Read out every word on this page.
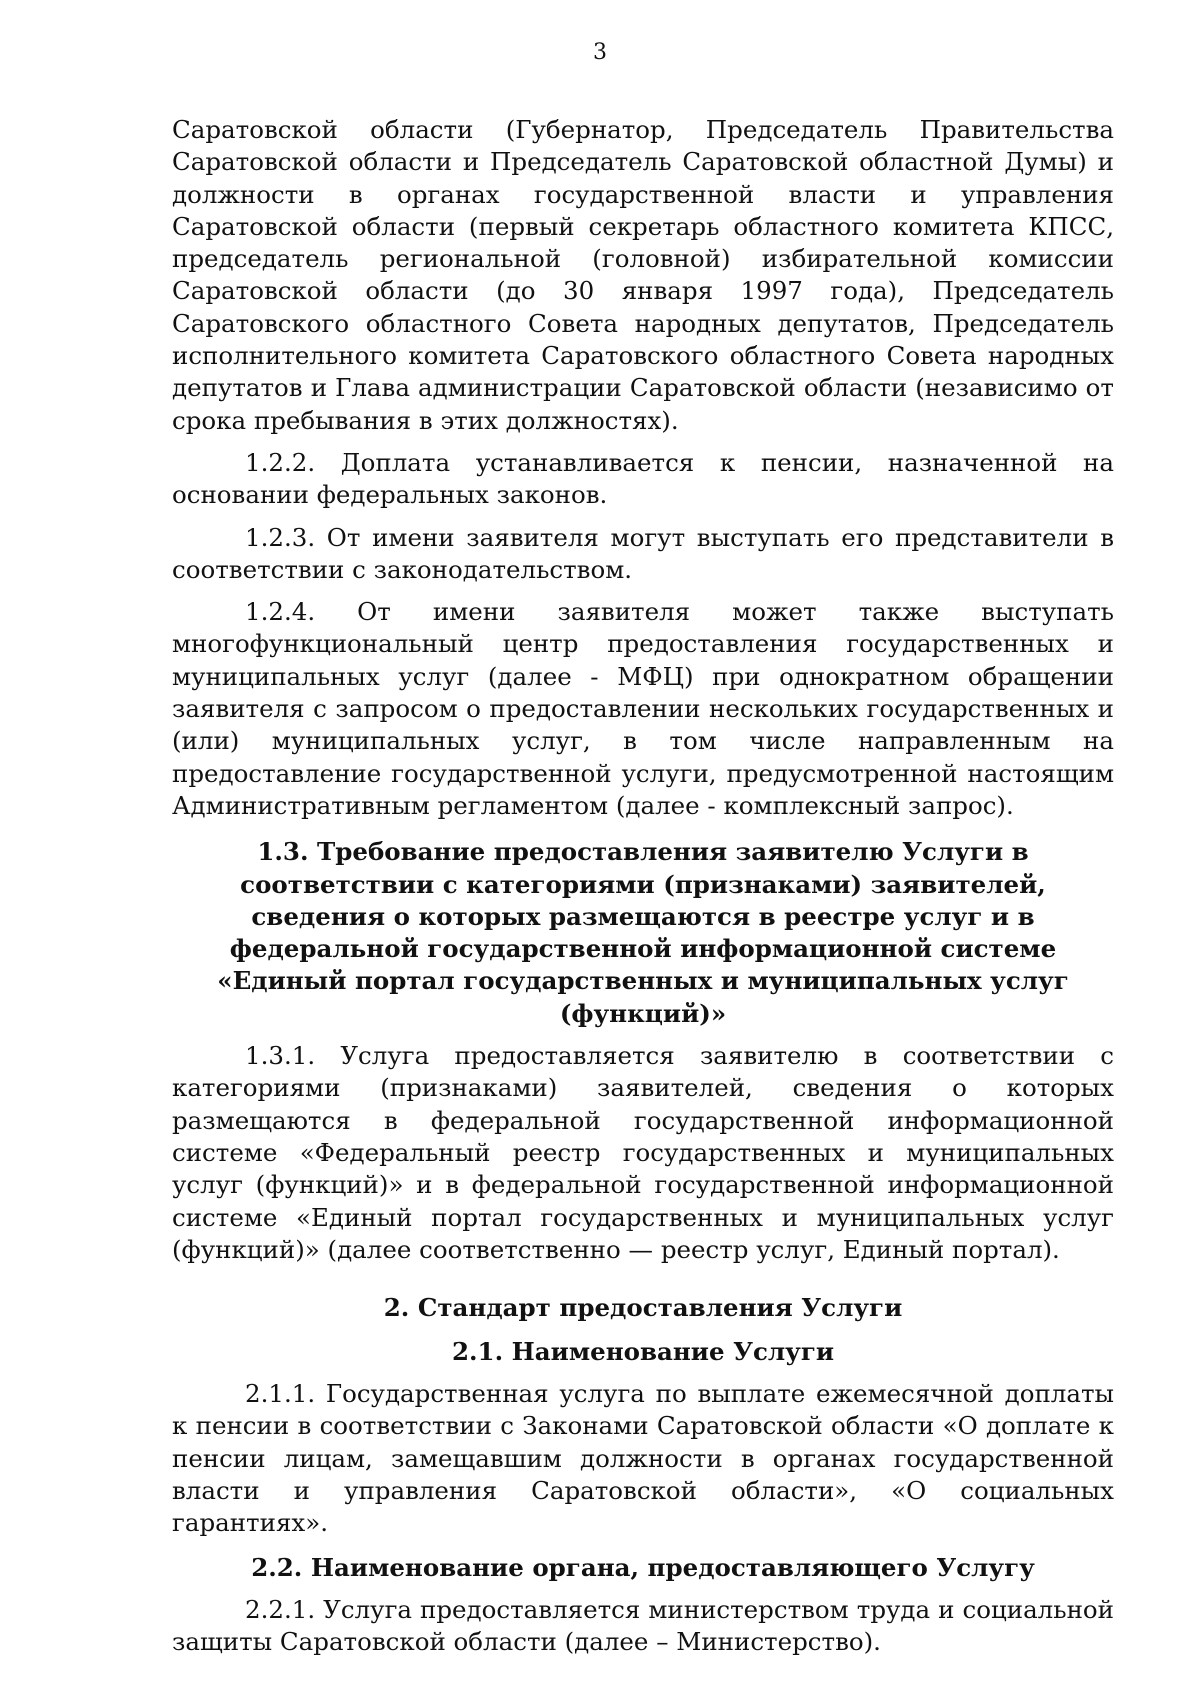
3

Саратовской области (Губернатор, Председатель Правительства Саратовской области и Председатель Саратовской областной Думы) и должности в органах государственной власти и управления Саратовской области (первый секретарь областного комитета КПСС, председатель региональной (головной) избирательной комиссии Саратовской области (до 30 января 1997 года), Председатель Саратовского областного Совета народных депутатов, Председатель исполнительного комитета Саратовского областного Совета народных депутатов и Глава администрации Саратовской области (независимо от срока пребывания в этих должностях).

1.2.2. Доплата устанавливается к пенсии, назначенной на основании федеральных законов.

1.2.3. От имени заявителя могут выступать его представители в соответствии с законодательством.

1.2.4. От имени заявителя может также выступать многофункциональный центр предоставления государственных и муниципальных услуг (далее - МФЦ) при однократном обращении заявителя с запросом о предоставлении нескольких государственных и (или) муниципальных услуг, в том числе направленным на предоставление государственной услуги, предусмотренной настоящим Административным регламентом (далее - комплексный запрос).

1.3. Требование предоставления заявителю Услуги в соответствии с категориями (признаками) заявителей, сведения о которых размещаются в реестре услуг и в федеральной государственной информационной системе «Единый портал государственных и муниципальных услуг (функций)»

1.3.1. Услуга предоставляется заявителю в соответствии с категориями (признаками) заявителей, сведения о которых размещаются в федеральной государственной информационной системе «Федеральный реестр государственных и муниципальных услуг (функций)» и в федеральной государственной информационной системе «Единый портал государственных и муниципальных услуг (функций)» (далее соответственно — реестр услуг, Единый портал).

2. Стандарт предоставления Услуги
2.1. Наименование Услуги

2.1.1. Государственная услуга по выплате ежемесячной доплаты к пенсии в соответствии с Законами Саратовской области «О доплате к пенсии лицам, замещавшим должности в органах государственной власти и управления Саратовской области», «О социальных гарантиях».

2.2. Наименование органа, предоставляющего Услугу

2.2.1. Услуга предоставляется министерством труда и социальной защиты Саратовской области (далее – Министерство).
